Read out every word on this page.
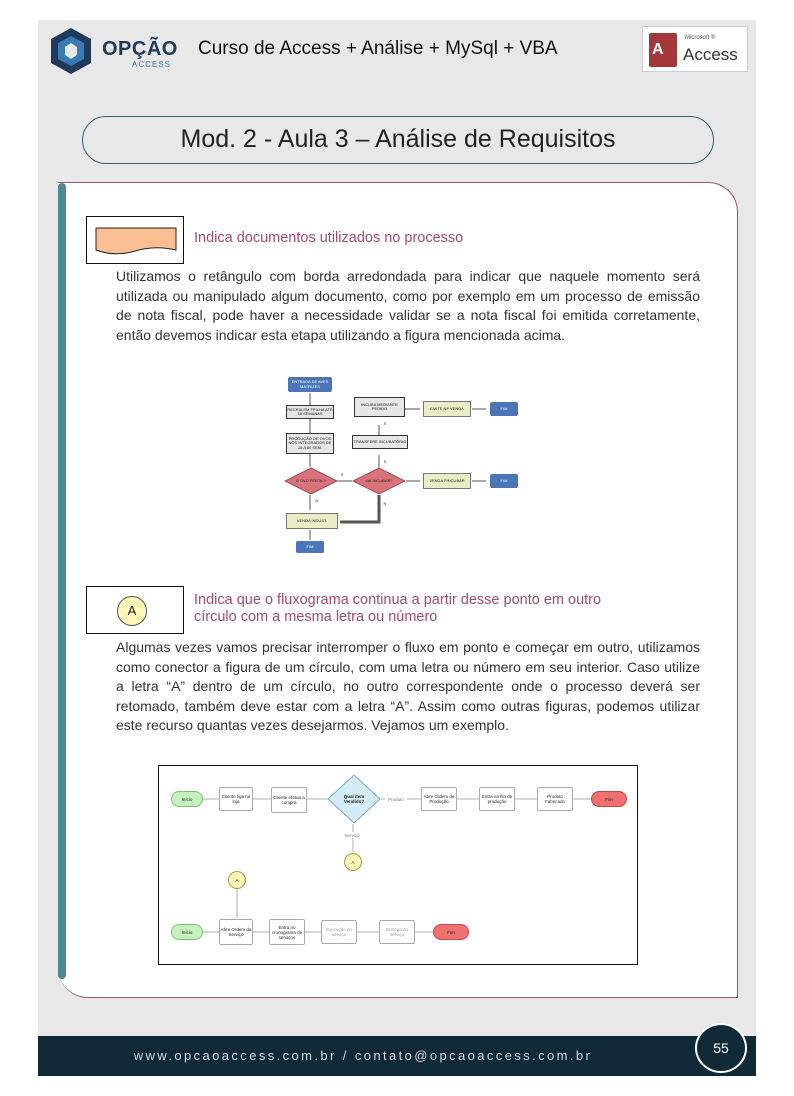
OPÇÃO
ACCESS
Curso de Access + Análise + MySql + VBA	A
Microsoft ®
Access
Mod. 2 - Aula 3 – Análise de Requisitos
Indica documentos utilizados no processo
Utilizamos o retângulo com borda arredondada para indicar que naquele momento será utilizada ou manipulado algum documento, como por exemplo em um processo de emissão de nota fiscal, pode haver a necessidade validar se a nota fiscal foi emitida corretamente, então devemos indicar esta etapa utilizando a figura mencionada acima.
ENTRADA DE AVES MATRIZES
RECRIA EM FPILHA ATÉ 18 SEMANAS
PRODUÇÃO DE OVOS NOS INTEGRADOS DE 18 A 80 SEM.
É OVO FÉRTIL?	VAI INCUBAR?
TRANSFERE INCUBATÓRIO
INCUBA MEDIANTE PEDIDO	EMITE NF VENDA	FIM
VENDA P/NCUBAR	FIM
VENDA INDUST.
FIM
S
S
S
N
N
A
Indica que o fluxograma continua a partir desse ponto em outro
círculo com a mesma letra ou número
Algumas vezes vamos precisar interromper o fluxo em ponto e começar em outro, utilizamos como conector a figura de um círculo, com uma letra ou número em seu interior. Caso utilize a letra “A” dentro de um círculo, no outro correspondente onde o processo deverá ser retomado, também deve estar com a letra “A”. Assim como outras figuras, podemos utilizar este recurso quantas vezes desejarmos. Vejamos um exemplo.
Início	Cliente liga na loja
Cliente efetua a compra
Qual item Vendido?	Produto	Abre Ordem de Produção
Entra na fila de produção
Produto Fabricado	Fim
Serviço
A
A
Início	Abre Ordem da Serviço
Entra no cronograma de serviços
Execução do serviço
Entrega do serviço	Fim
www.opcaoaccess.com.br / contato@opcaoaccess.com.br	55
